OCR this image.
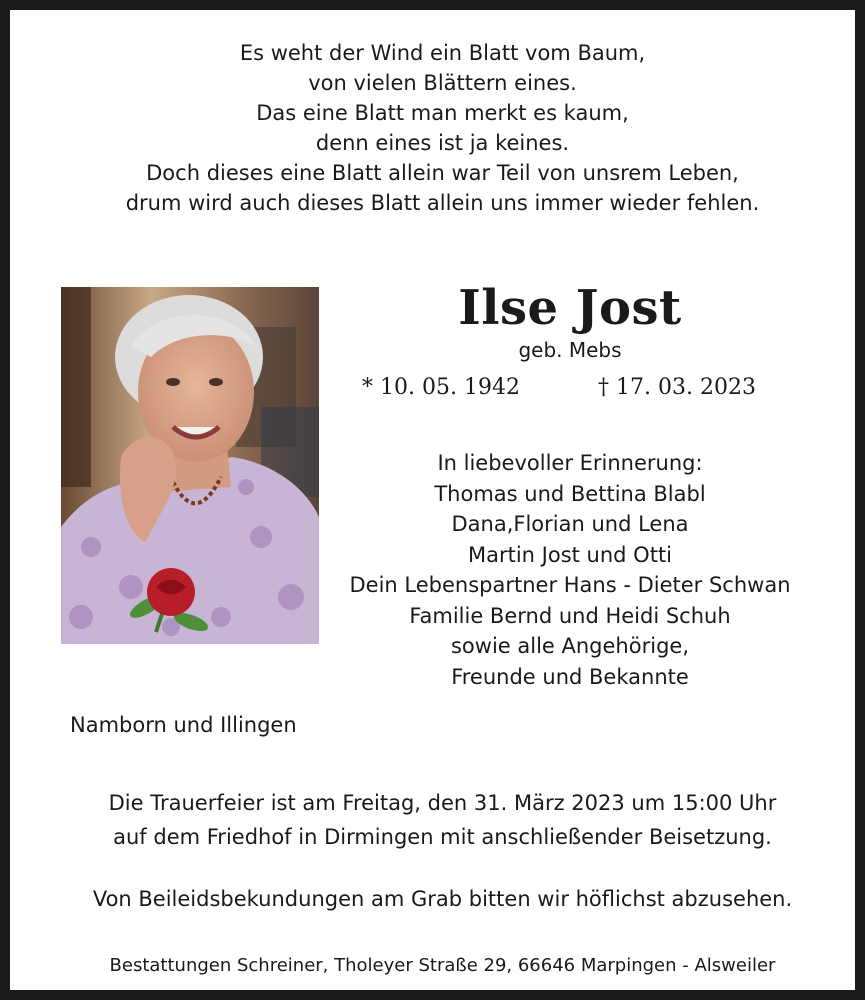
Es weht der Wind ein Blatt vom Baum,
von vielen Blättern eines.
Das eine Blatt man merkt es kaum,
denn eines ist ja keines.
Doch dieses eine Blatt allein war Teil von unsrem Leben,
drum wird auch dieses Blatt allein uns immer wieder fehlen.
Ilse Jost
geb. Mebs
* 10. 05. 1942	† 17. 03. 2023
In liebevoller Erinnerung:
Thomas und Bettina Blabl
Dana,Florian und Lena
Martin Jost und Otti
Dein Lebenspartner Hans - Dieter Schwan
Familie Bernd und Heidi Schuh
sowie alle Angehörige,
Freunde und Bekannte
Namborn und Illingen
Die Trauerfeier ist am Freitag, den 31. März 2023 um 15:00 Uhr
auf dem Friedhof in Dirmingen mit anschließender Beisetzung.
Von Beileidsbekundungen am Grab bitten wir höflichst abzusehen.
Bestattungen Schreiner, Tholeyer Straße 29, 66646 Marpingen - Alsweiler
